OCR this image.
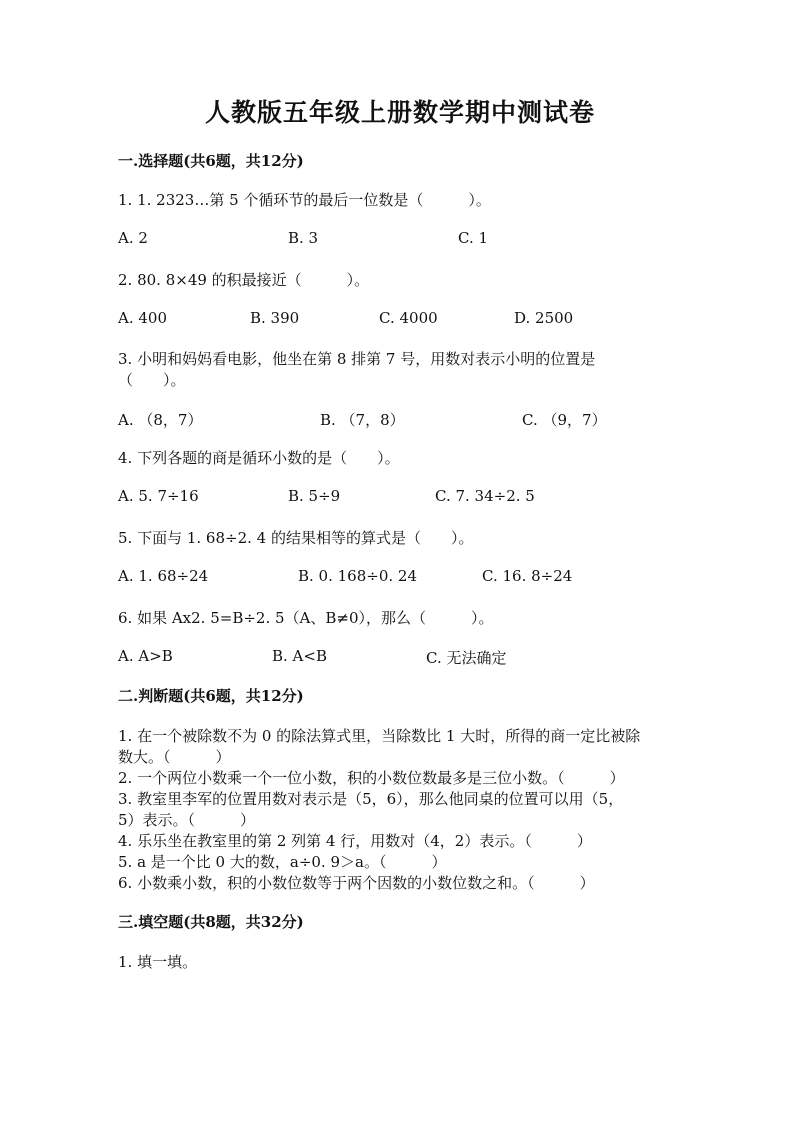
人教版五年级上册数学期中测试卷
一.选择题(共6题，共12分)
1. 1. 2323…第 5 个循环节的最后一位数是（　　　）。
A. 2	B. 3	C. 1
2. 80. 8×49 的积最接近（　　　）。
A. 400	B. 390	C. 4000	D. 2500
3. 小明和妈妈看电影，他坐在第 8 排第 7 号，用数对表示小明的位置是
（　　）。
A. （8，7）	B. （7，8）	C. （9，7）
4. 下列各题的商是循环小数的是（　　）。
A. 5. 7÷16	B. 5÷9	C. 7. 34÷2. 5
5. 下面与 1. 68÷2. 4 的结果相等的算式是（　　）。
A. 1. 68÷24	B. 0. 168÷0. 24	C. 16. 8÷24
6. 如果 Ax2. 5=B÷2. 5（A、B≠0），那么（　　　）。
A. A>B	B. A<B	C. 无法确定
二.判断题(共6题，共12分)
1. 在一个被除数不为 0 的除法算式里，当除数比 1 大时，所得的商一定比被除
数大。（　　　）
2. 一个两位小数乘一个一位小数，积的小数位数最多是三位小数。（　　　）
3. 教室里李军的位置用数对表示是（5，6），那么他同桌的位置可以用（5，
5）表示。（　　　）
4. 乐乐坐在教室里的第 2 列第 4 行，用数对（4，2）表示。（　　　）
5. a 是一个比 0 大的数，a÷0. 9＞a。（　　　）
6. 小数乘小数，积的小数位数等于两个因数的小数位数之和。（　　　）
三.填空题(共8题，共32分)
1. 填一填。
